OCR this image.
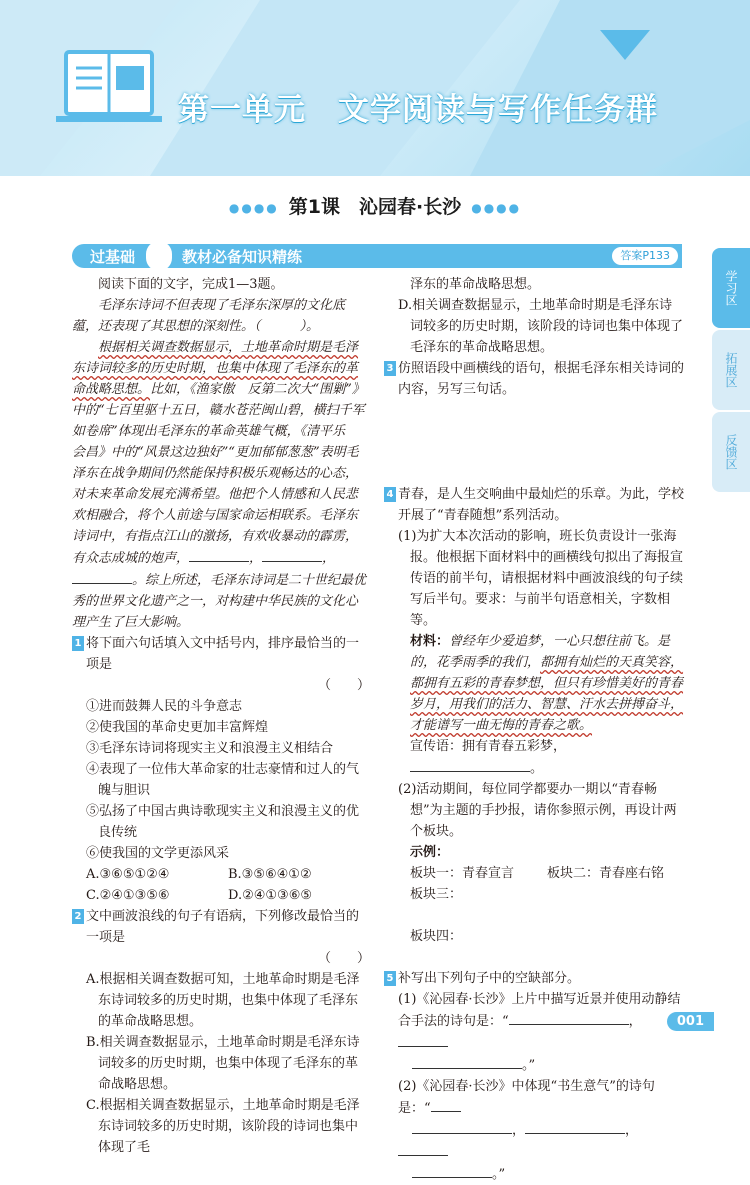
第一单元　文学阅读与写作任务群
●●●● 第1课　沁园春·长沙 ●●●●
过基础	教材必备知识精练	答案P133
学习区
拓展区
反馈区

阅读下面的文字，完成1—3题。

毛泽东诗词不但表现了毛泽东深厚的文化底蕴，还表现了其思想的深刻性。（　　　）。

根据相关调查数据显示，土地革命时期是毛泽东诗词较多的历史时期，也集中体现了毛泽东的革命战略思想。比如，《渔家傲　反第二次大“围剿”》中的“七百里驱十五日，赣水苍茫闽山碧，横扫千军如卷席”体现出毛泽东的革命英雄气概，《清平乐　会昌》中的“风景这边独好”“更加郁郁葱葱”表明毛泽东在战争期间仍然能保持积极乐观畅达的心态，对未来革命发展充满希望。他把个人情感和人民悲欢相融合，将个人前途与国家命运相联系。毛泽东诗词中，有指点江山的激扬，有欢收暴动的霹雳，有众志成城的炮声，	，	，。综上所述，毛泽东诗词是二十世纪最优秀的世界文化遗产之一，对构建中华民族的文化心理产生了巨大影响。

1 将下面六句话填入文中括号内，排序最恰当的一项是
（　　）
①进而鼓舞人民的斗争意志
②使我国的革命史更加丰富辉煌
③毛泽东诗词将现实主义和浪漫主义相结合
④表现了一位伟大革命家的壮志豪情和过人的气魄与胆识
⑤弘扬了中国古典诗歌现实主义和浪漫主义的优良传统
⑥使我国的文学更添风采
A.③⑥⑤①②④	B.③⑤⑥④①②
C.②④①③⑤⑥	D.②④①③⑥⑤
2 文中画波浪线的句子有语病，下列修改最恰当的一项是
（　　）
A.根据相关调查数据可知，土地革命时期是毛泽东诗词较多的历史时期，也集中体现了毛泽东的革命战略思想。
B.相关调查数据显示，土地革命时期是毛泽东诗词较多的历史时期，也集中体现了毛泽东的革命战略思想。
C.根据相关调查数据显示，土地革命时期是毛泽东诗词较多的历史时期，该阶段的诗词也集中体现了毛
泽东的革命战略思想。
D.相关调查数据显示，土地革命时期是毛泽东诗词较多的历史时期，该阶段的诗词也集中体现了毛泽东的革命战略思想。
3 仿照语段中画横线的语句，根据毛泽东相关诗词的内容，另写三句话。
4 青春，是人生交响曲中最灿烂的乐章。为此，学校开展了“青春随想”系列活动。
(1)为扩大本次活动的影响，班长负责设计一张海报。他根据下面材料中的画横线句拟出了海报宣传语的前半句，请根据材料中画波浪线的句子续写后半句。要求：与前半句语意相关，字数相等。
材料：曾经年少爱追梦，一心只想往前飞。是的，花季雨季的我们，都拥有灿烂的天真笑容，都拥有五彩的青春梦想，但只有珍惜美好的青春岁月，用我们的活力、智慧、汗水去拼搏奋斗，才能谱写一曲无悔的青春之歌。
宣传语：拥有青春五彩梦，。
(2)活动期间，每位同学都要办一期以“青春畅想”为主题的手抄报，请你参照示例，再设计两个板块。
示例：
板块一：青春宣言	板块二：青春座右铭
板块三：
板块四：
5 补写出下列句子中的空缺部分。
(1)《沁园春·长沙》上片中描写近景并使用动静结合手法的诗句是：“	，
。”
(2)《沁园春·长沙》中体现“书生意气”的诗句是：“
，	，
。”
001
